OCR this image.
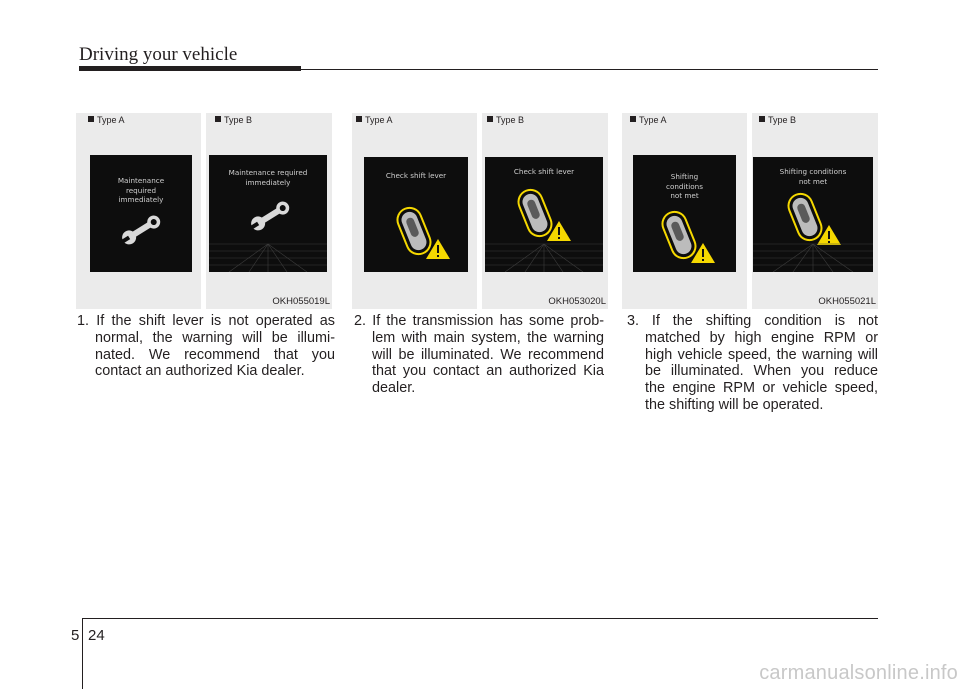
Driving your vehicle
Type A	Type B
Maintenance
required
immediately
Maintenance required
immediately
OKH055019L
Type A	Type B
Check shift lever	Check shift lever
OKH053020L
Type A	Type B
Shifting
conditions
not met
Shifting conditions
not met
OKH055021L
1. If the shift lever is not operated as
normal, the warning will be illumi-
nated. We recommend that you
contact an authorized Kia dealer.
2. If the transmission has some prob-
lem with main system, the warning
will be illuminated. We recommend
that you contact an authorized Kia
dealer.
3. If the shifting condition is not
matched by high engine RPM or
high vehicle speed, the warning will
be illuminated. When you reduce
the engine RPM or vehicle speed,
the shifting will be operated.
5 24
carmanualsonline.info
